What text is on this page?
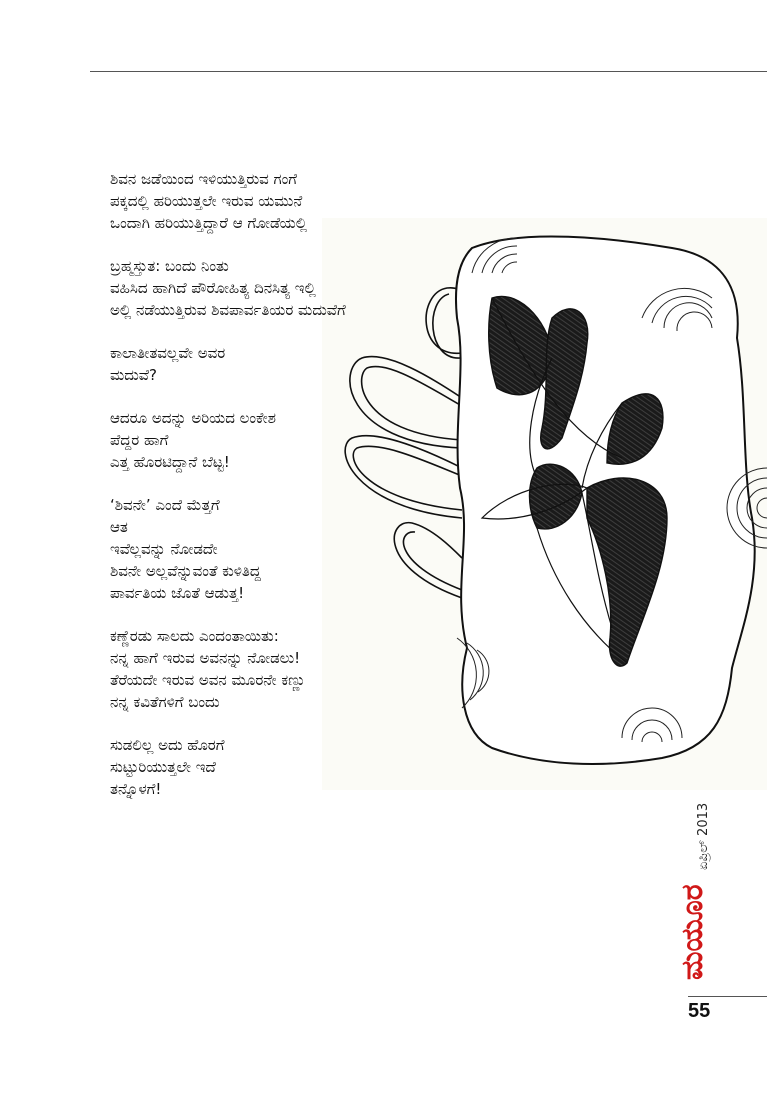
ಶಿವನ ಜಡೆಯಿಂದ ಇಳಿಯುತ್ತಿರುವ ಗಂಗೆ
ಪಕ್ಕದಲ್ಲಿ ಹರಿಯುತ್ತಲೇ ಇರುವ ಯಮುನೆ
ಒಂದಾಗಿ ಹರಿಯುತ್ತಿದ್ದಾರೆ ಆ ಗೋಡೆಯಲ್ಲಿ
ಬ್ರಹ್ಮಸ್ತುತ: ಬಂದು ನಿಂತು
ವಹಿಸಿದ ಹಾಗಿದೆ ಪೌರೋಹಿತ್ಯ ದಿನಸಿತ್ಯ ಇಲ್ಲಿ
ಅಲ್ಲಿ ನಡೆಯುತ್ತಿರುವ ಶಿವಪಾರ್ವತಿಯರ ಮದುವೆಗೆ
ಕಾಲಾತೀತವಲ್ಲವೇ ಅವರ
ಮದುವೆ?
ಆದರೂ ಅದನ್ನು ಅರಿಯದ ಲಂಕೇಶ
ಪೆದ್ದರ ಹಾಗೆ
ಎತ್ತ ಹೊರಟಿದ್ದಾನೆ ಬೆಟ್ಟ!
‘ಶಿವನೇ’ ಎಂದೆ ಮೆತ್ತಗೆ
ಆತ
ಇವೆಲ್ಲವನ್ನು ನೋಡದೇ
ಶಿವನೇ ಅಲ್ಲವೆನ್ನುವಂತೆ ಕುಳಿತಿದ್ದ
ಪಾರ್ವತಿಯ ಜೊತೆ ಆಡುತ್ತ!
ಕಣ್ಣೆರಡು ಸಾಲದು ಎಂದಂತಾಯಿತು:
ನನ್ನ ಹಾಗೆ ಇರುವ ಅವನನ್ನು ನೋಡಲು!
ತೆರೆಯದೇ ಇರುವ ಅವನ ಮೂರನೇ ಕಣ್ಣು
ನನ್ನ ಕವಿತೆಗಳಿಗೆ ಬಂದು
ಸುಡಲಿಲ್ಲ ಅದು ಹೊರಗೆ
ಸುಟ್ಟುರಿಯುತ್ತಲೇ ಇದೆ
ತನ್ನೊಳಗೆ!
ಮಯೂರ
ಏಪ್ರಿಲ್ 2013
55
